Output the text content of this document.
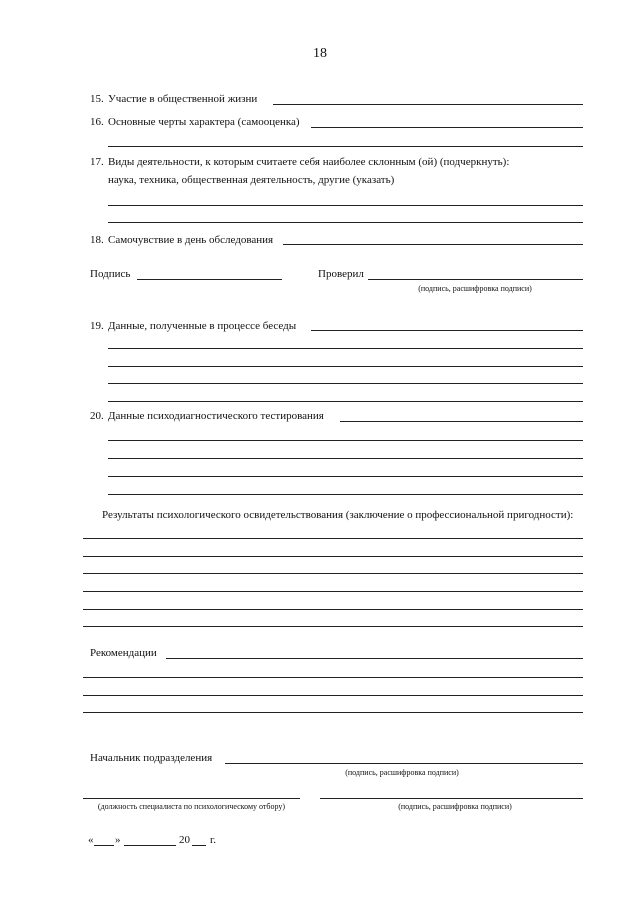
18
15. Участие в общественной жизни
16. Основные черты характера (самооценка)
17. Виды деятельности, к которым считаете себя наиболее склонным (ой) (подчеркнуть):
наука, техника, общественная деятельность, другие (указать)
18. Самочувствие в день обследования
Подпись	Проверил
(подпись, расшифровка подписи)
19. Данные, полученные в процессе беседы
20. Данные психодиагностического тестирования
Результаты психологического освидетельствования (заключение о профессиональной пригодности):
Рекомендации
Начальник подразделения
(подпись, расшифровка подписи)
(должность специалиста по психологическому отбору)	(подпись, расшифровка подписи)
« »	20 г.
